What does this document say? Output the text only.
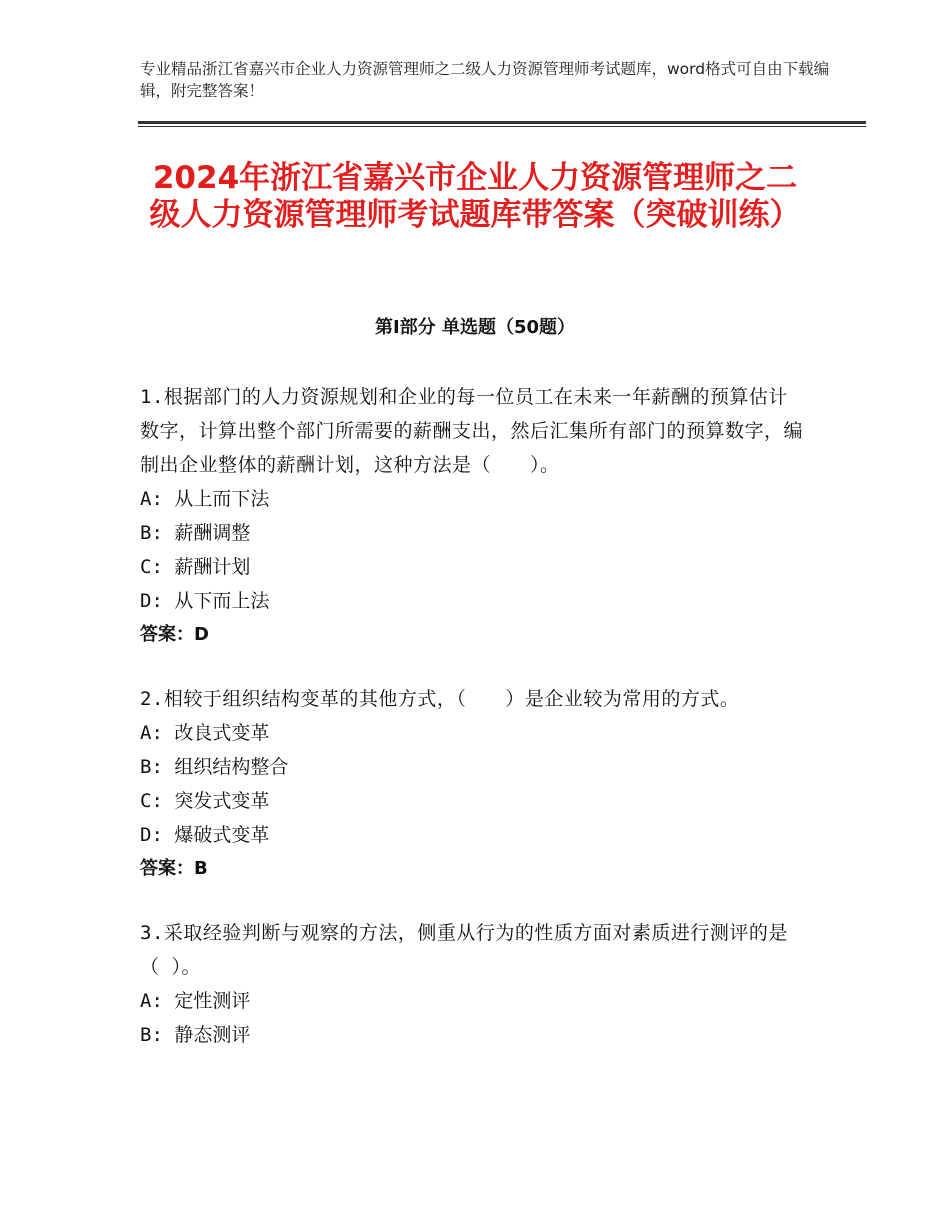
专业精品浙江省嘉兴市企业人力资源管理师之二级人力资源管理师考试题库，word格式可自由下载编辑，附完整答案！
2024年浙江省嘉兴市企业人力资源管理师之二级人力资源管理师考试题库带答案（突破训练）
第Ⅰ部分 单选题（50题）
1.根据部门的人力资源规划和企业的每一位员工在未来一年薪酬的预算估计数字，计算出整个部门所需要的薪酬支出，然后汇集所有部门的预算数字，编制出企业整体的薪酬计划，这种方法是（　　）。
A: 从上而下法
B: 薪酬调整
C: 薪酬计划
D: 从下而上法
答案：D
2.相较于组织结构变革的其他方式，（　　）是企业较为常用的方式。
A: 改良式变革
B: 组织结构整合
C: 突发式变革
D: 爆破式变革
答案：B
3.采取经验判断与观察的方法，侧重从行为的性质方面对素质进行测评的是（ ）。
A: 定性测评
B: 静态测评
